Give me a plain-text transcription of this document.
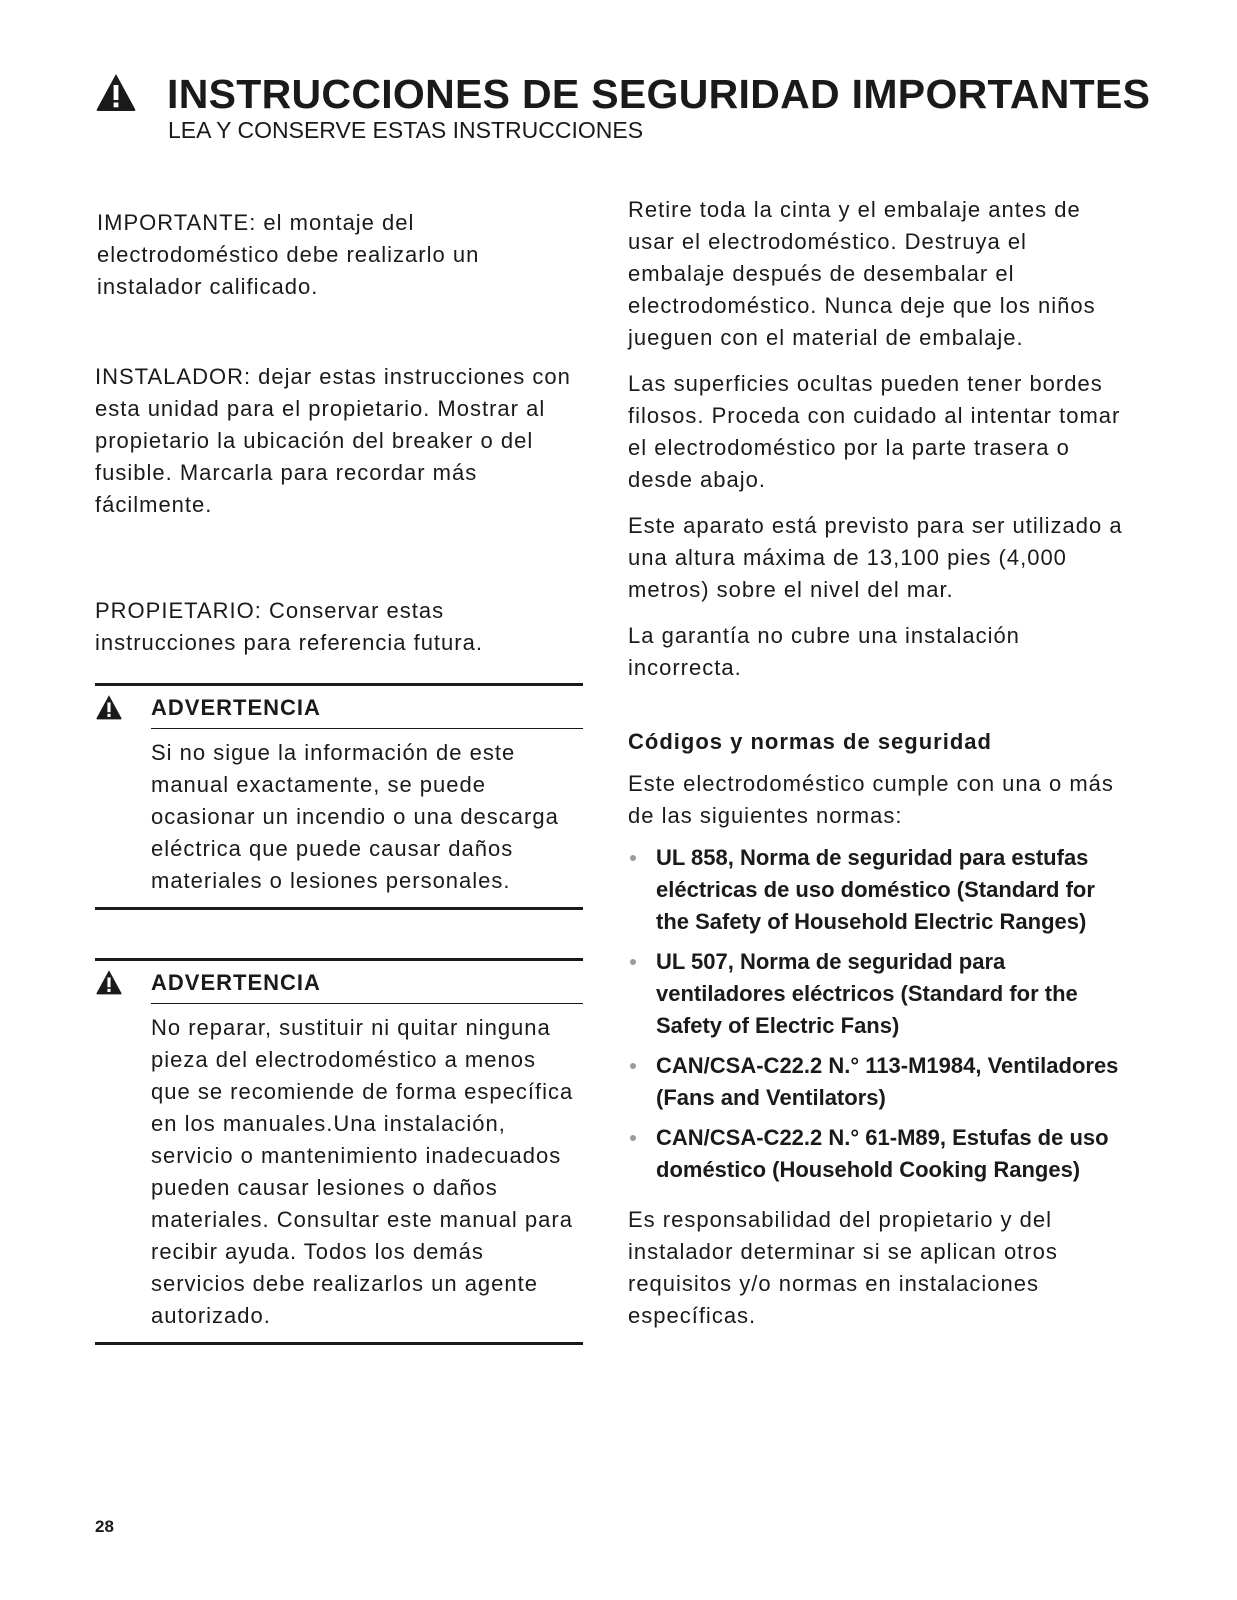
INSTRUCCIONES DE SEGURIDAD IMPORTANTES
LEA Y CONSERVE ESTAS INSTRUCCIONES

IMPORTANTE: el montaje del electrodoméstico debe realizarlo un instalador calificado.

INSTALADOR: dejar estas instrucciones con esta unidad para el propietario. Mostrar al propietario la ubicación del breaker o del fusible. Marcarla para recordar más fácilmente.

PROPIETARIO: Conservar estas instrucciones para referencia futura.

ADVERTENCIA

Si no sigue la información de este manual exactamente, se puede ocasionar un incendio o una descarga eléctrica que puede causar daños materiales o lesiones personales.

ADVERTENCIA

No reparar, sustituir ni quitar ninguna pieza del electrodoméstico a menos que se recomiende de forma específica en los manuales.Una instalación, servicio o mantenimiento inadecuados pueden causar lesiones o daños materiales. Consultar este manual para recibir ayuda. Todos los demás servicios debe realizarlos un agente autorizado.

Retire toda la cinta y el embalaje antes de usar el electrodoméstico. Destruya el embalaje después de desembalar el electrodoméstico. Nunca deje que los niños jueguen con el material de embalaje.

Las superficies ocultas pueden tener bordes filosos. Proceda con cuidado al intentar tomar el electrodoméstico por la parte trasera o desde abajo.

Este aparato está previsto para ser utilizado a una altura máxima de 13,100 pies (4,000 metros) sobre el nivel del mar.

La garantía no cubre una instalación incorrecta.

Códigos y normas de seguridad

Este electrodoméstico cumple con una o más de las siguientes normas:

UL 858, Norma de seguridad para estufas eléctricas de uso doméstico (Standard for the Safety of Household Electric Ranges)
UL 507, Norma de seguridad para ventiladores eléctricos (Standard for the Safety of Electric Fans)
CAN/CSA-C22.2 N.° 113-M1984, Ventiladores (Fans and Ventilators)
CAN/CSA-C22.2 N.° 61-M89, Estufas de uso doméstico (Household Cooking Ranges)

Es responsabilidad del propietario y del instalador determinar si se aplican otros requisitos y/o normas en instalaciones específicas.

28
